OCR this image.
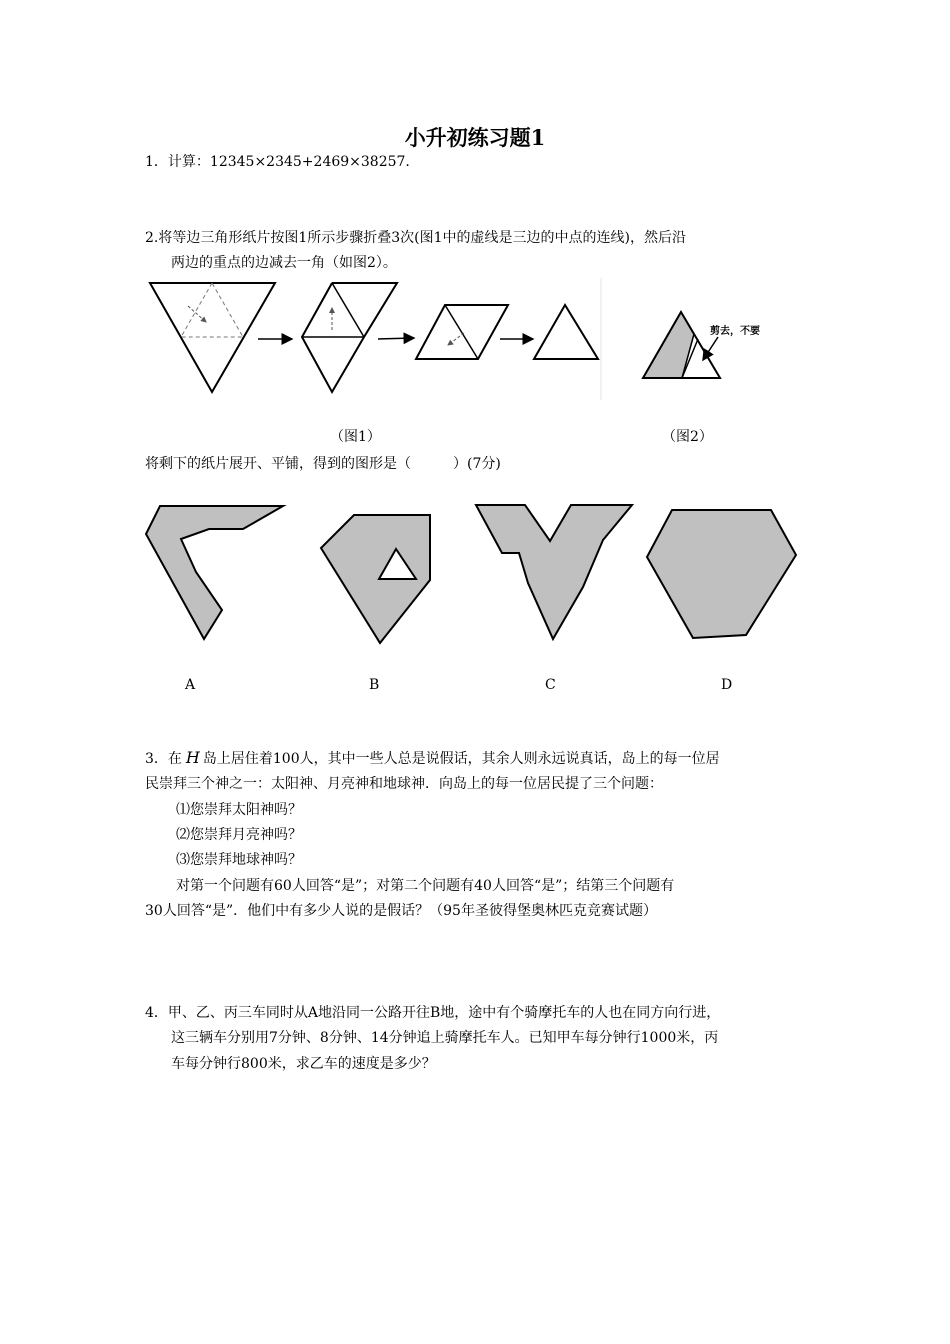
小升初练习题1
1．计算：12345×2345+2469×38257.
2.将等边三角形纸片按图1所示步骤折叠3次(图1中的虚线是三边的中点的连线)，然后沿
两边的重点的边减去一角（如图2）。
剪去，不要
（图1）	（图2）
将剩下的纸片展开、平铺，得到的图形是（　　　）(7分)
A	B	C	D
3．在 H 岛上居住着100人，其中一些人总是说假话，其余人则永远说真话，岛上的每一位居
民崇拜三个神之一：太阳神、月亮神和地球神．向岛上的每一位居民提了三个问题：
⑴您崇拜太阳神吗？
⑵您崇拜月亮神吗？
⑶您崇拜地球神吗？
对第一个问题有60人回答“是”；对第二个问题有40人回答“是”；结第三个问题有
30人回答“是”．他们中有多少人说的是假话？（95年圣彼得堡奥林匹克竞赛试题）
4．甲、乙、丙三车同时从A地沿同一公路开往B地，途中有个骑摩托车的人也在同方向行进，
这三辆车分别用7分钟、8分钟、14分钟追上骑摩托车人。已知甲车每分钟行1000米，丙
车每分钟行800米，求乙车的速度是多少？
